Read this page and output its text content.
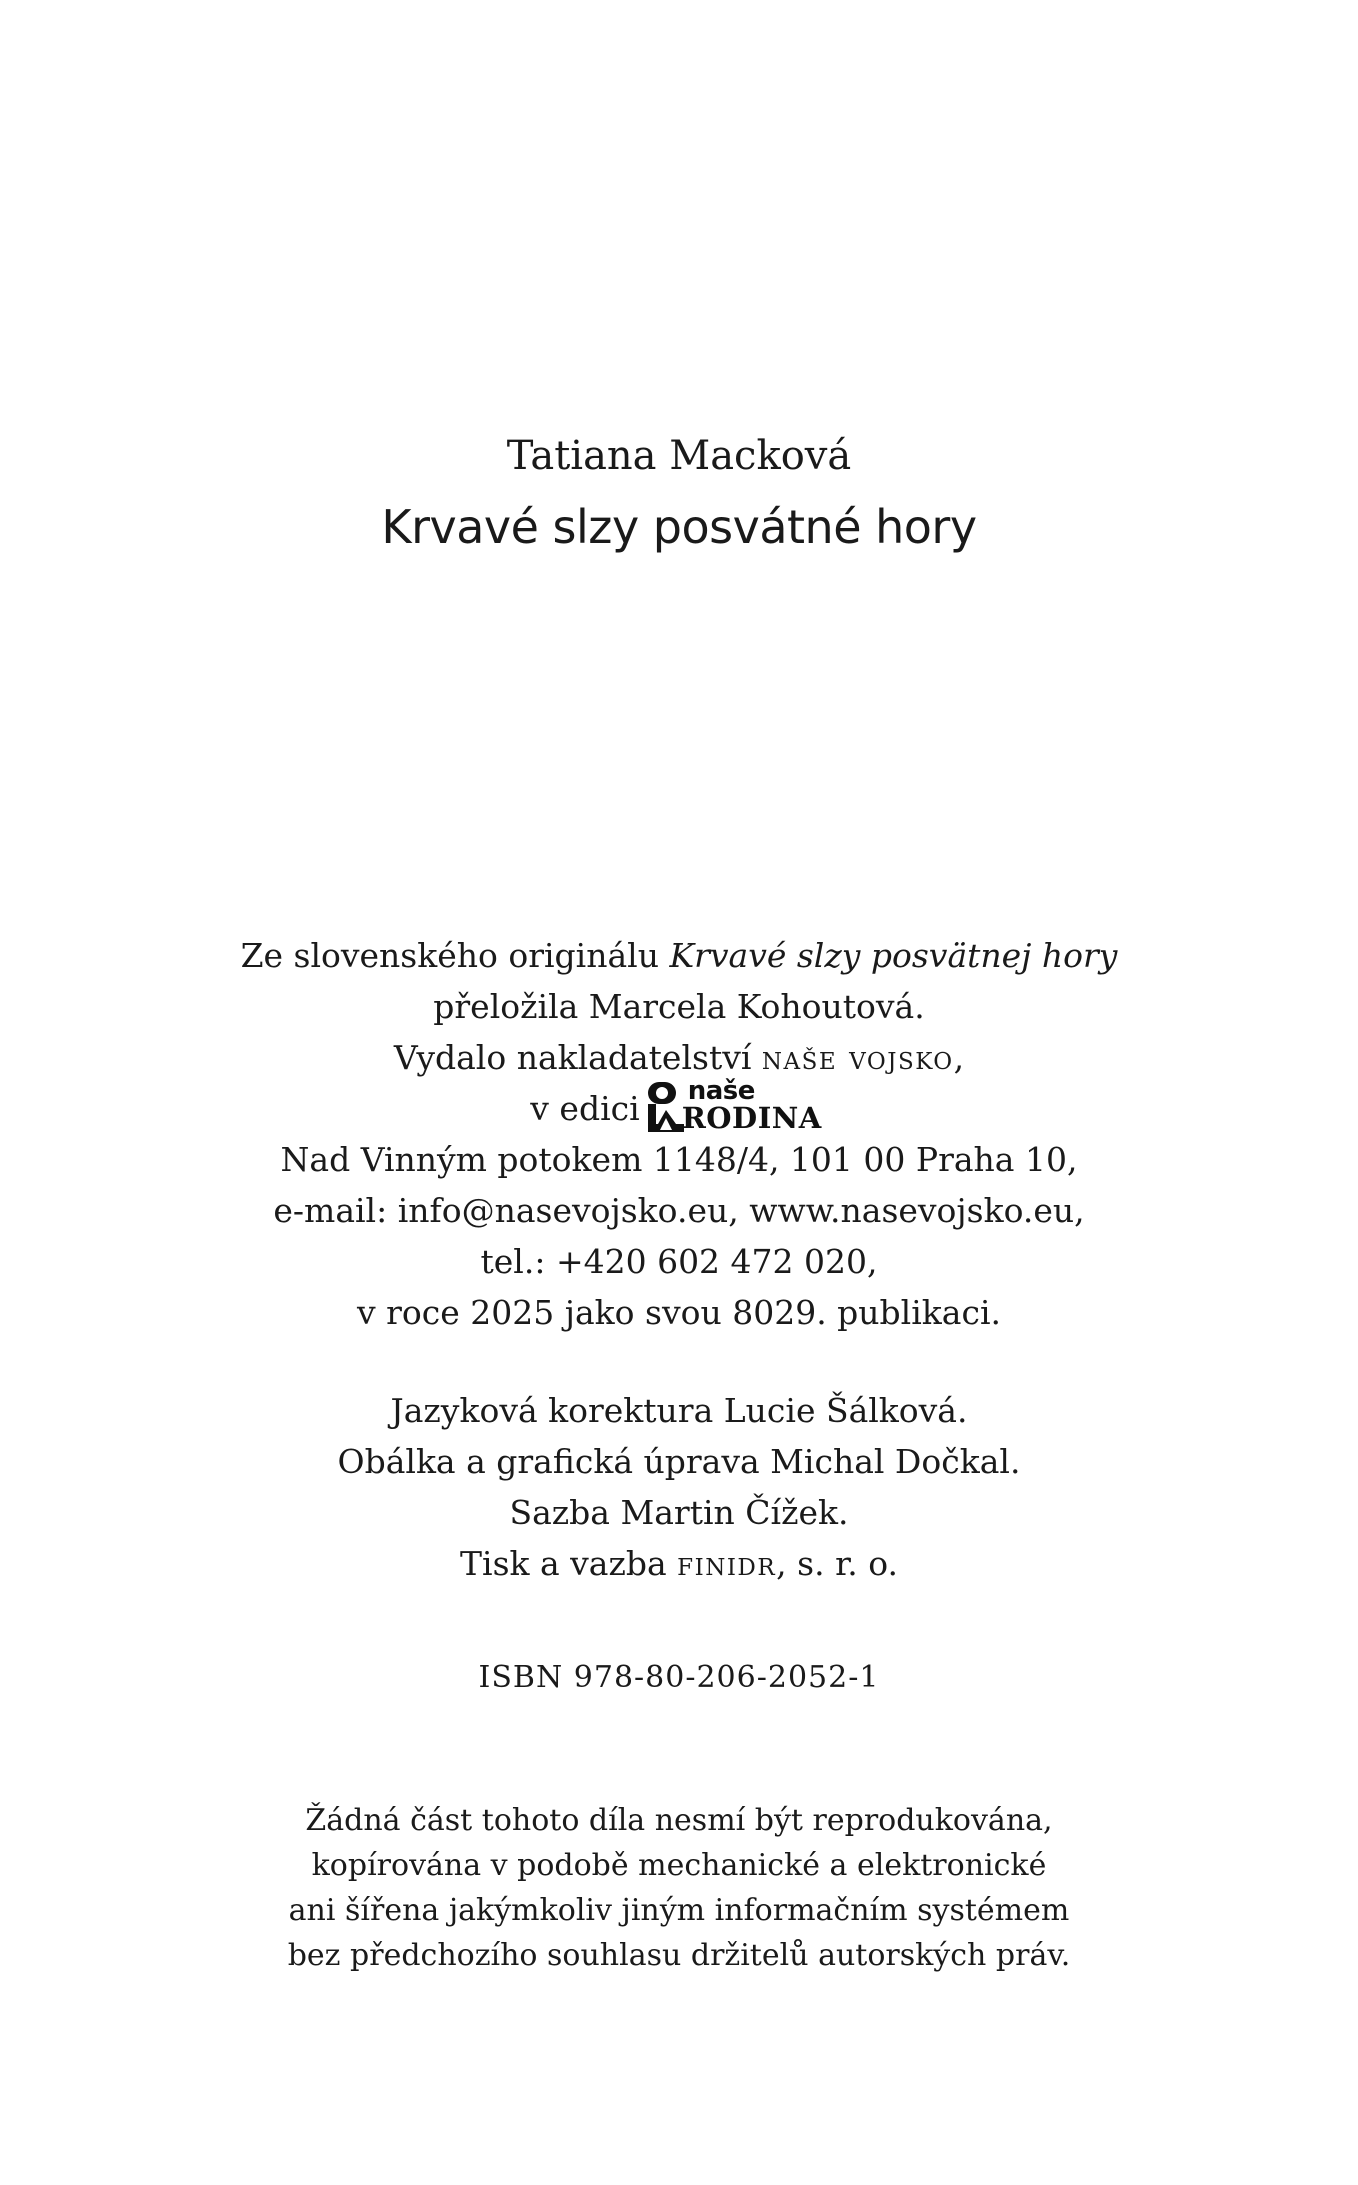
Tatiana Macková
Krvavé slzy posvátné hory
Ze slovenského originálu Krvavé slzy posvätnej hory
přeložila Marcela Kohoutová.
Vydalo nakladatelství naše vojsko,
v edici naše
RODINA
Nad Vinným potokem 1148/4, 101 00 Praha 10,
e-mail: info@nasevojsko.eu, www.nasevojsko.eu,
tel.: +420 602 472 020,
v roce 2025 jako svou 8029. publikaci.
Jazyková korektura Lucie Šálková.
Obálka a grafická úprava Michal Dočkal.
Sazba Martin Čížek.
Tisk a vazba finidr, s. r. o.
ISBN 978-80-206-2052-1
Žádná část tohoto díla nesmí být reprodukována,
kopírována v podobě mechanické a elektronické
ani šířena jakýmkoliv jiným informačním systémem
bez předchozího souhlasu držitelů autorských práv.
